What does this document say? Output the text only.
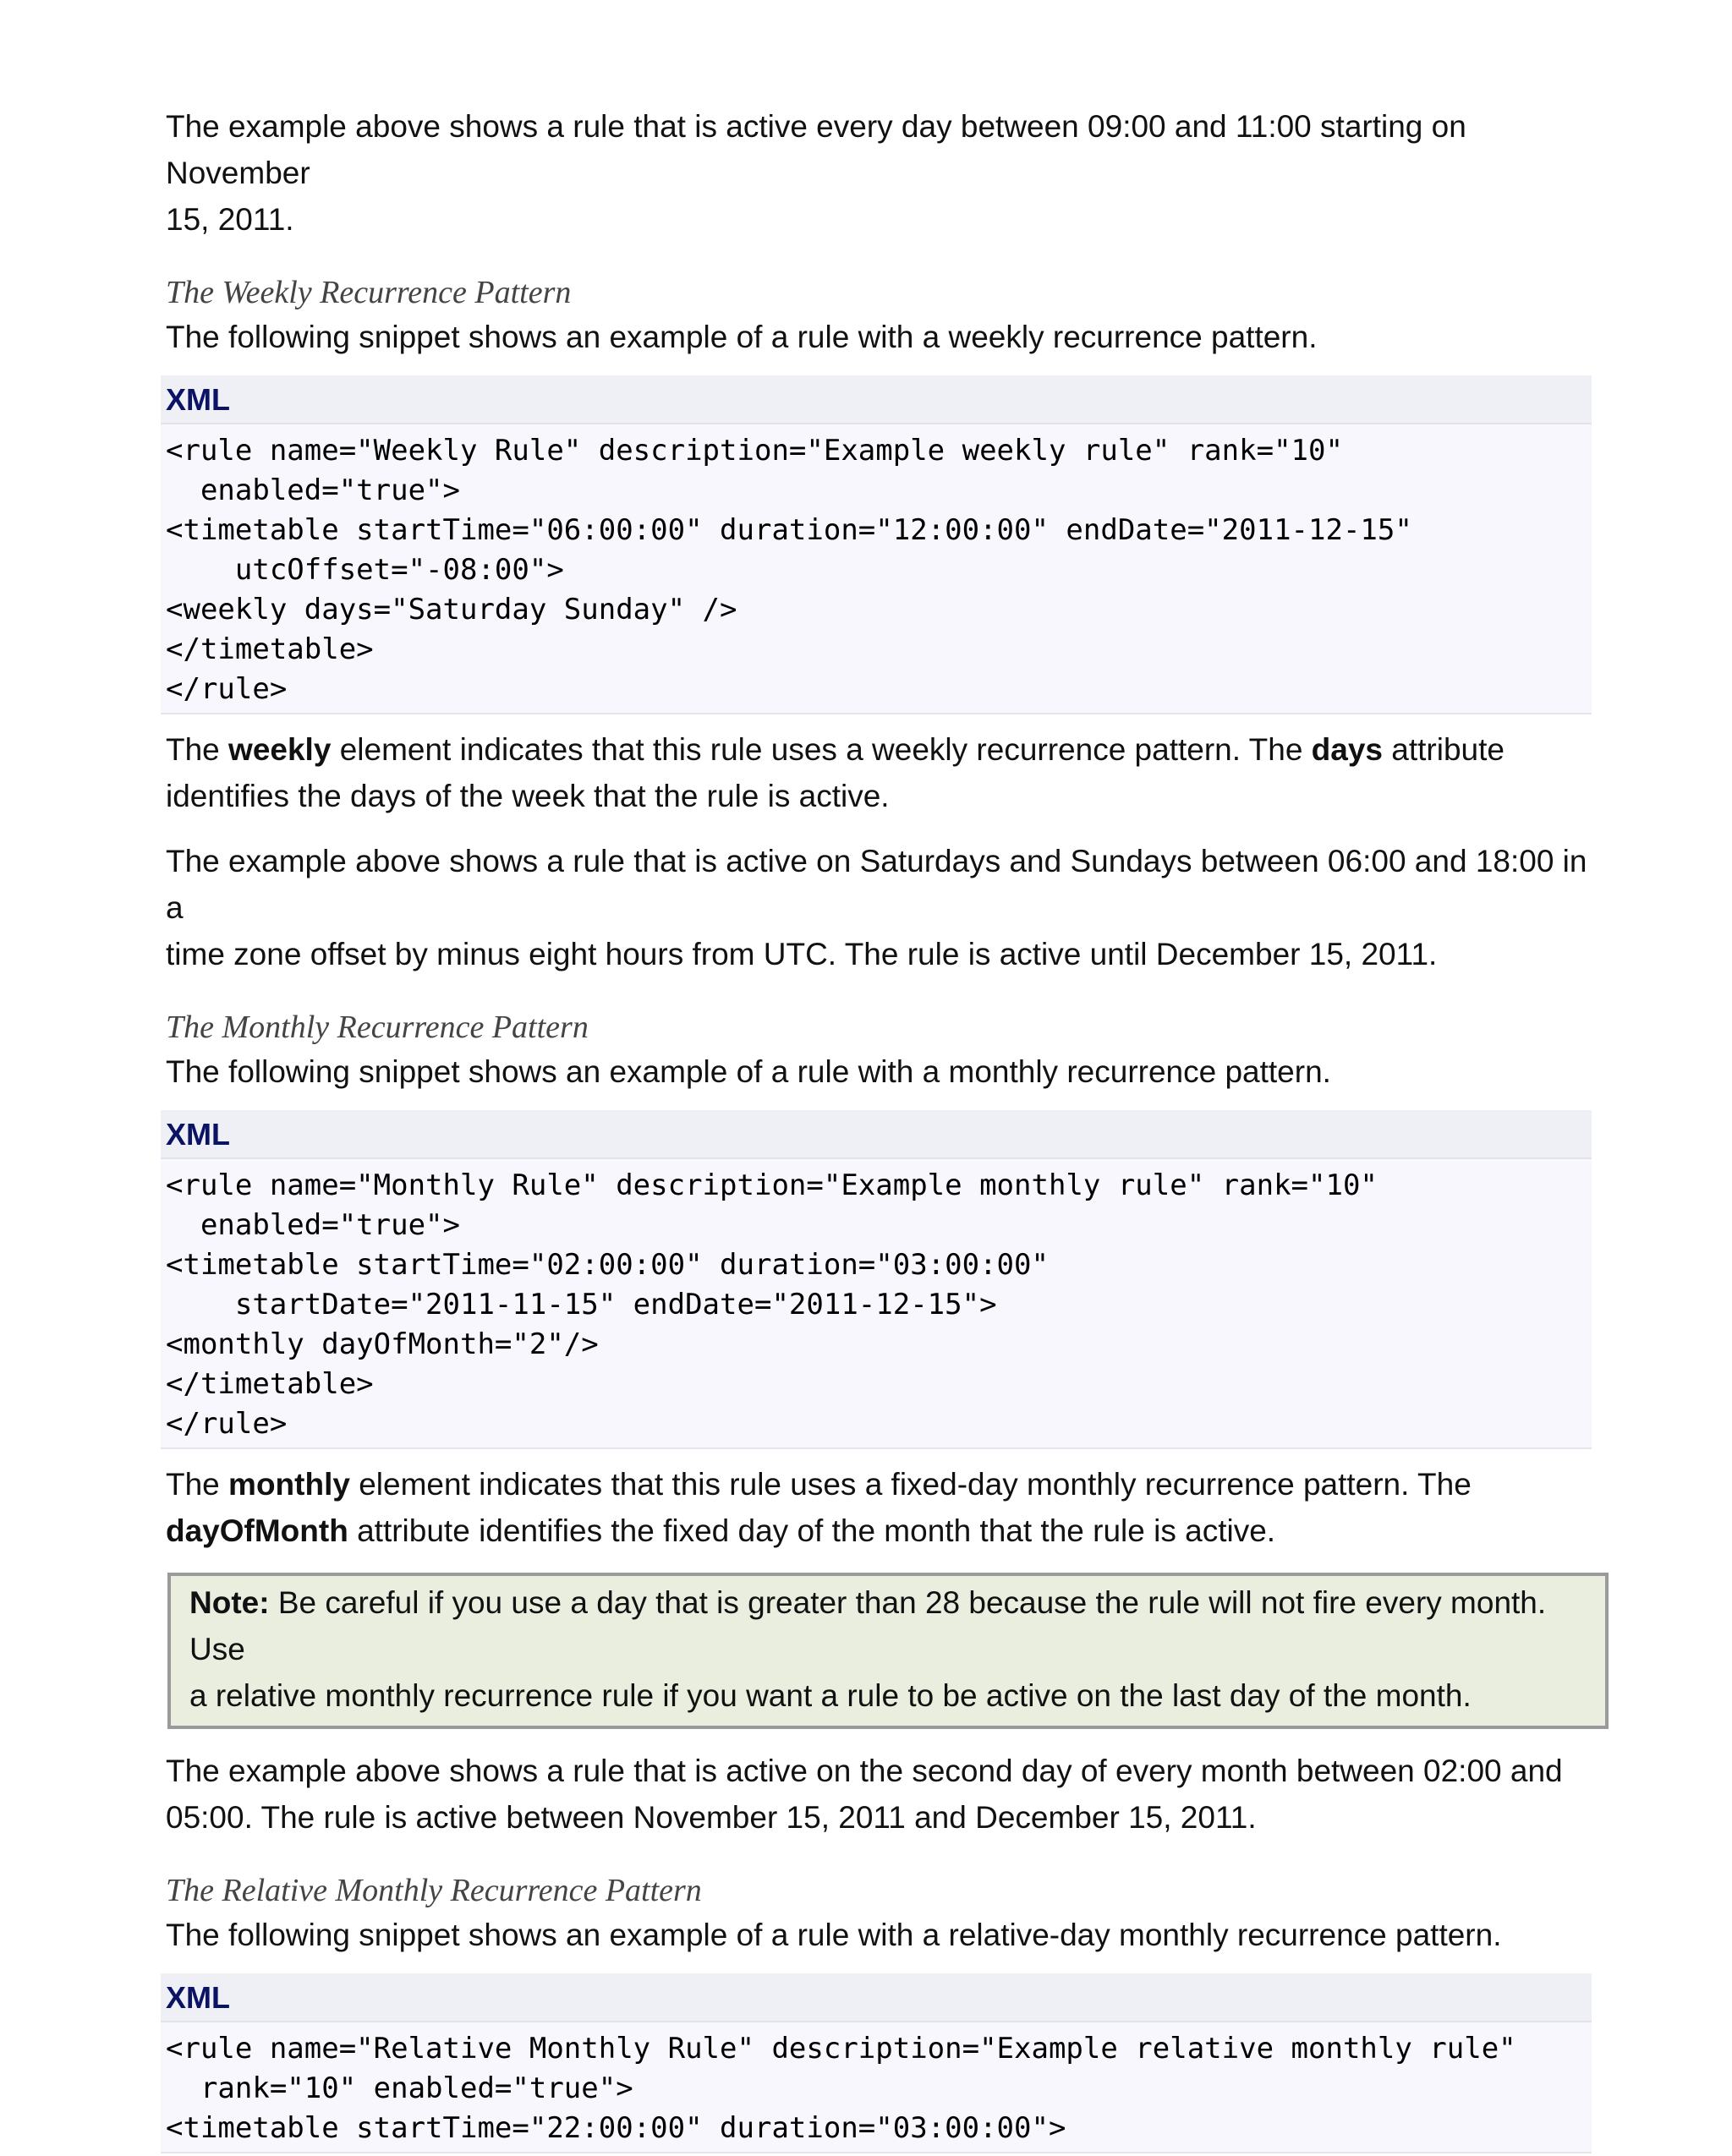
The example above shows a rule that is active every day between 09:00 and 11:00 starting on November
15, 2011.

The Weekly Recurrence Pattern

The following snippet shows an example of a rule with a weekly recurrence pattern.

XML
<rule name="Weekly Rule" description="Example weekly rule" rank="10"
enabled="true">
<timetable startTime="06:00:00" duration="12:00:00" endDate="2011-12-15"
utcOffset="-08:00">
<weekly days="Saturday Sunday" />
</timetable>
</rule>

The weekly element indicates that this rule uses a weekly recurrence pattern. The days attribute
identifies the days of the week that the rule is active.

The example above shows a rule that is active on Saturdays and Sundays between 06:00 and 18:00 in a
time zone offset by minus eight hours from UTC. The rule is active until December 15, 2011.

The Monthly Recurrence Pattern

The following snippet shows an example of a rule with a monthly recurrence pattern.

XML
<rule name="Monthly Rule" description="Example monthly rule" rank="10"
enabled="true">
<timetable startTime="02:00:00" duration="03:00:00"
startDate="2011-11-15" endDate="2011-12-15">
<monthly dayOfMonth="2"/>
</timetable>
</rule>

The monthly element indicates that this rule uses a fixed-day monthly recurrence pattern. The
dayOfMonth attribute identifies the fixed day of the month that the rule is active.

Note: Be careful if you use a day that is greater than 28 because the rule will not fire every month. Use
a relative monthly recurrence rule if you want a rule to be active on the last day of the month.

The example above shows a rule that is active on the second day of every month between 02:00 and
05:00. The rule is active between November 15, 2011 and December 15, 2011.

The Relative Monthly Recurrence Pattern

The following snippet shows an example of a rule with a relative-day monthly recurrence pattern.

XML
<rule name="Relative Monthly Rule" description="Example relative monthly rule"
rank="10" enabled="true">
<timetable startTime="22:00:00" duration="03:00:00">
